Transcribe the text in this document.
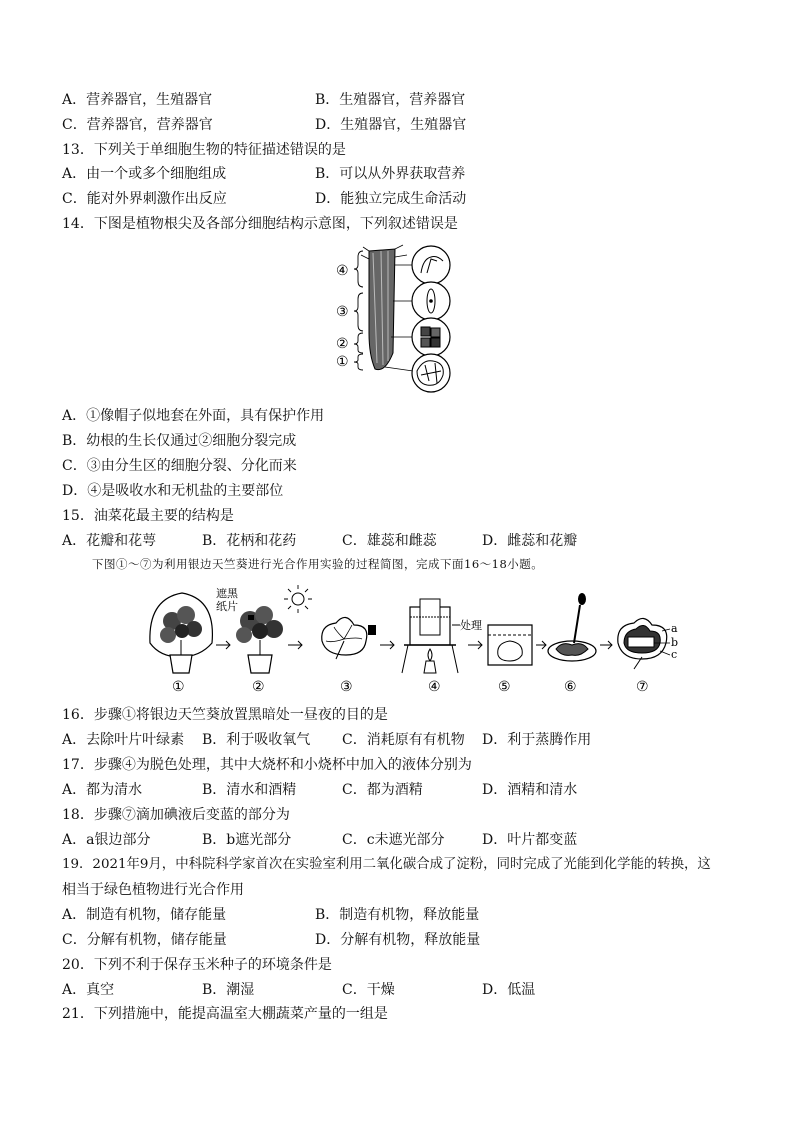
A．营养器官，生殖器官	B．生殖器官，营养器官
C．营养器官，营养器官	D．生殖器官，生殖器官
13．下列关于单细胞生物的特征描述错误的是
A．由一个或多个细胞组成	B．可以从外界获取营养
C．能对外界刺激作出反应	D．能独立完成生命活动
14．下图是植物根尖及各部分细胞结构示意图，下列叙述错误是
④
③
②
①
A．①像帽子似地套在外面，具有保护作用
B．幼根的生长仅通过②细胞分裂完成
C．③由分生区的细胞分裂、分化而来
D．④是吸收水和无机盐的主要部位
15．油菜花最主要的结构是
A．花瓣和花萼	B．花柄和花药	C．雄蕊和雌蕊	D．雌蕊和花瓣
下图①～⑦为利用银边天竺葵进行光合作用实验的过程简图，完成下面16～18小题。
①
遮黑
纸片
②	③
处理
④	⑤	⑥
a
b
c
⑦
16．步骤①将银边天竺葵放置黑暗处一昼夜的目的是
A．去除叶片叶绿素 B．利于吸收氧气 C．消耗原有有机物 D．利于蒸腾作用
17．步骤④为脱色处理，其中大烧杯和小烧杯中加入的液体分别为
A．都为清水	B．清水和酒精	C．都为酒精	D．酒精和清水
18．步骤⑦滴加碘液后变蓝的部分为
A．a银边部分	B．b遮光部分	C．c未遮光部分	D．叶片都变蓝
19．2021年9月，中科院科学家首次在实验室利用二氧化碳合成了淀粉，同时完成了光能到化学能的转换，这
相当于绿色植物进行光合作用
A．制造有机物，储存能量	B．制造有机物，释放能量
C．分解有机物，储存能量	D．分解有机物，释放能量
20．下列不利于保存玉米种子的环境条件是
A．真空	B．潮湿	C．干燥	D．低温
21．下列措施中，能提高温室大棚蔬菜产量的一组是
